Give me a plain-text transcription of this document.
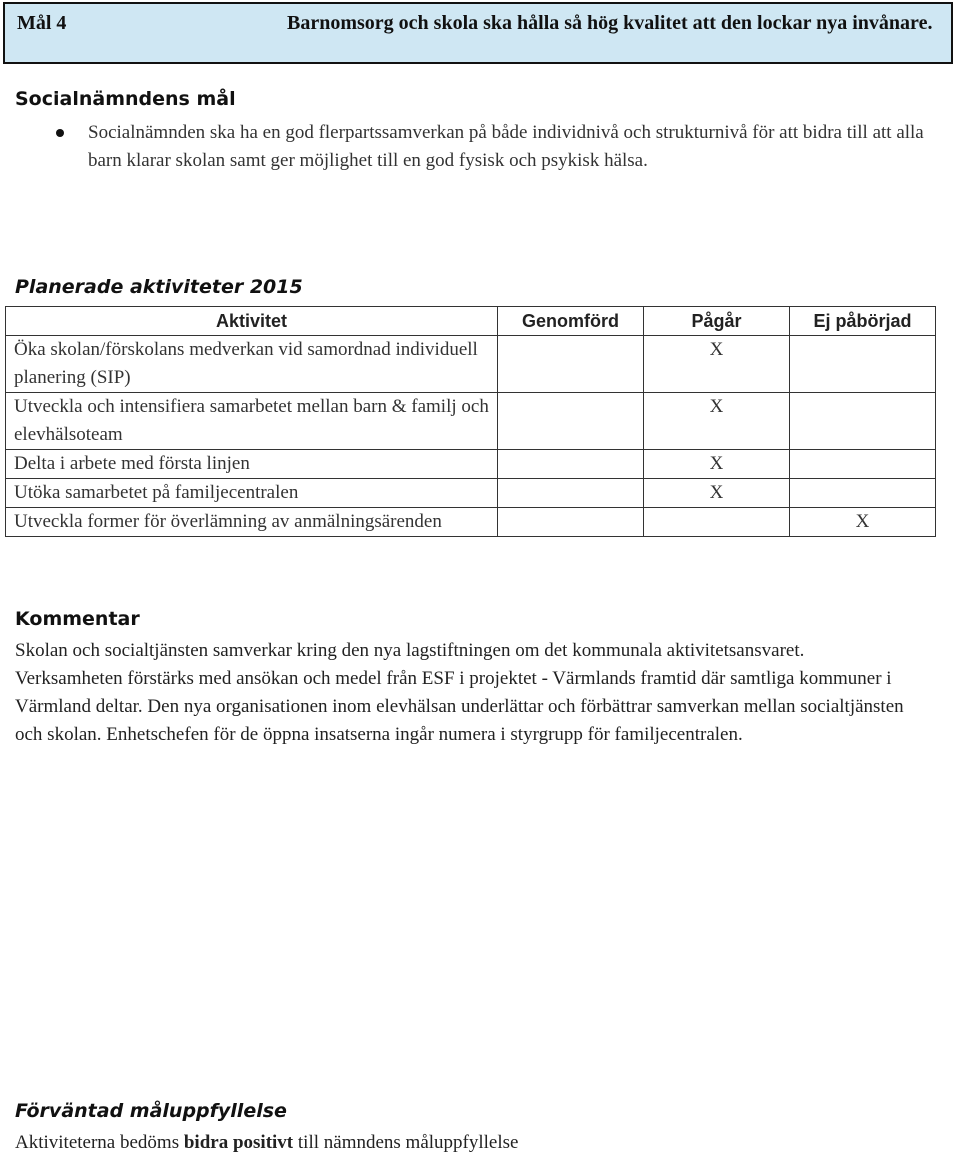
Mål 4	Barnomsorg och skola ska hålla så hög kvalitet att den lockar nya invånare.
Socialnämndens mål
Socialnämnden ska ha en god flerpartssamverkan på både individnivå och strukturnivå för att bidra till att alla barn klarar skolan samt ger möjlighet till en god fysisk och psykisk hälsa.
Planerade aktiviteter 2015
Aktivitet	Genomförd	Pågår	Ej påbörjad
Öka skolan/förskolans medverkan vid samordnad individuell planering (SIP)		X	
Utveckla och intensifiera samarbetet mellan barn & familj och elevhälsoteam		X	
Delta i arbete med första linjen		X	
Utöka samarbetet på familjecentralen		X	
Utveckla former för överlämning av anmälningsärenden			X
Kommentar
Skolan och socialtjänsten samverkar kring den nya lagstiftningen om det kommunala aktivitetsansvaret. Verksamheten förstärks med ansökan och medel från ESF i projektet - Värmlands framtid där samtliga kommuner i Värmland deltar. Den nya organisationen inom elevhälsan underlättar och förbättrar samverkan mellan socialtjänsten och skolan. Enhetschefen för de öppna insatserna ingår numera i styrgrupp för familjecentralen.
Förväntad måluppfyllelse
Aktiviteterna bedöms bidra positivt till nämndens måluppfyllelse
